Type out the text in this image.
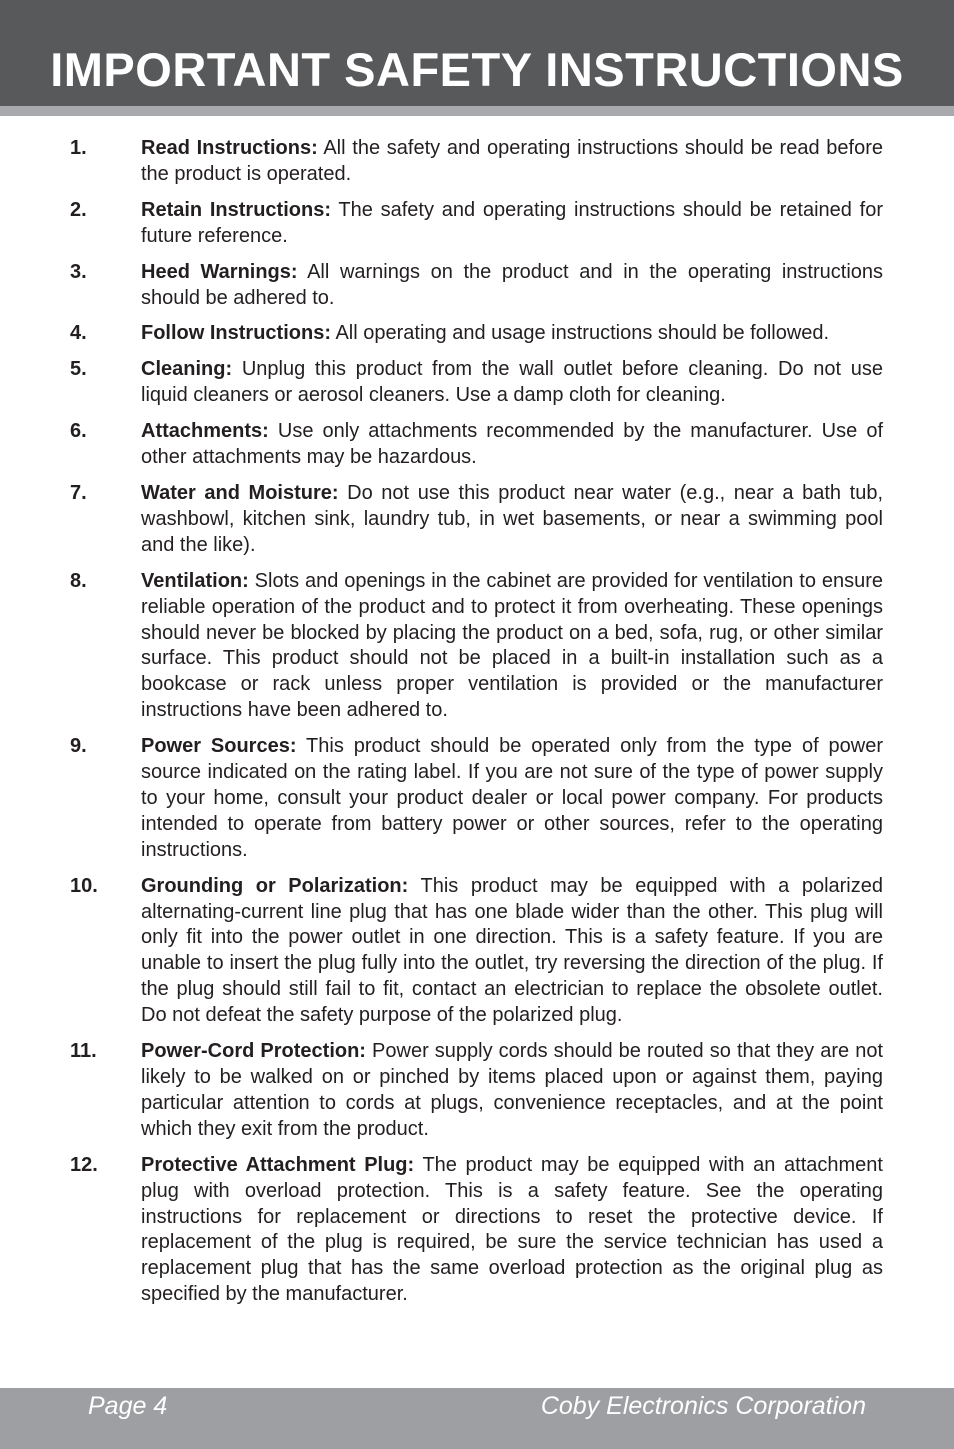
IMPORTANT SAFETY INSTRUCTIONS
1.	Read Instructions: All the safety and operating instructions should be read before the product is operated.
2.	Retain Instructions: The safety and operating instructions should be retained for future reference.
3.	Heed Warnings: All warnings on the product and in the operating instructions should be adhered to.
4.	Follow Instructions: All operating and usage instructions should be followed.
5.	Cleaning: Unplug this product from the wall outlet before cleaning. Do not use liquid cleaners or aerosol cleaners. Use a damp cloth for cleaning.
6.	Attachments: Use only attachments recommended by the manufacturer. Use of other attachments may be hazardous.
7.	Water and Moisture: Do not use this product near water (e.g., near a bath tub, washbowl, kitchen sink, laundry tub, in wet basements, or near a swimming pool and the like).
8.	Ventilation: Slots and openings in the cabinet are provided for ventilation to ensure reliable operation of the product and to protect it from overheating. These openings should never be blocked by placing the product on a bed, sofa, rug, or other similar surface. This product should not be placed in a built-in installation such as a bookcase or rack unless proper ventilation is provided or the manufacturer instructions have been adhered to.
9.	Power Sources: This product should be operated only from the type of power source indicated on the rating label. If you are not sure of the type of power supply to your home, consult your product dealer or local power company. For products intended to operate from battery power or other sources, refer to the operating instructions.
10. Grounding or Polarization: This product may be equipped with a polarized alternating-current line plug that has one blade wider than the other. This plug will only fit into the power outlet in one direction. This is a safety feature. If you are unable to insert the plug fully into the outlet, try reversing the direction of the plug. If the plug should still fail to fit, contact an electrician to replace the obsolete outlet. Do not defeat the safety purpose of the polarized plug.
11. Power-Cord Protection: Power supply cords should be routed so that they are not likely to be walked on or pinched by items placed upon or against them, paying particular attention to cords at plugs, convenience receptacles, and at the point which they exit from the product.
12. Protective Attachment Plug: The product may be equipped with an attachment plug with overload protection. This is a safety feature. See the operating instructions for replacement or directions to reset the protective device. If replacement of the plug is required, be sure the service technician has used a replacement plug that has the same overload protection as the original plug as specified by the manufacturer.
Page 4	Coby Electronics Corporation
